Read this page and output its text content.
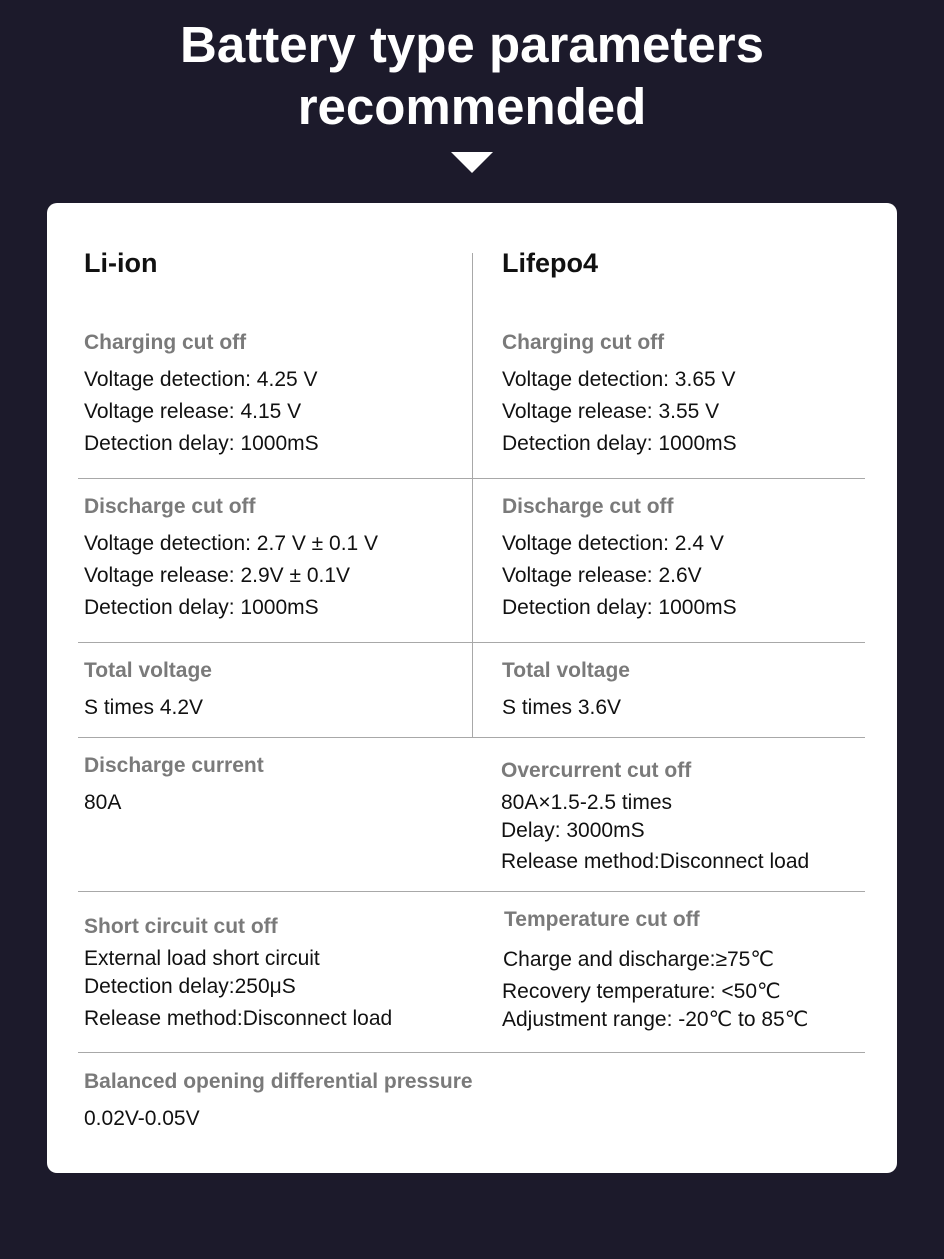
Battery type parameters
recommended
Li-ion	Lifepo4
Charging cut off
Voltage detection: 4.25 V
Voltage release: 4.15 V
Detection delay: 1000mS
Charging cut off
Voltage detection: 3.65 V
Voltage release: 3.55 V
Detection delay: 1000mS
Discharge cut off
Voltage detection: 2.7 V ± 0.1 V
Voltage release: 2.9V ± 0.1V
Detection delay: 1000mS
Discharge cut off
Voltage detection: 2.4 V
Voltage release: 2.6V
Detection delay: 1000mS
Total voltage
S times 4.2V
Total voltage
S times 3.6V
Discharge current
80A
Overcurrent cut off
80A×1.5-2.5 times
Delay: 3000mS
Release method:Disconnect load
Short circuit cut off
External load short circuit
Detection delay:250μS
Release method:Disconnect load
Temperature cut off
Charge and discharge:≥75℃
Recovery temperature: <50℃
Adjustment range: -20℃ to 85℃
Balanced opening differential pressure
0.02V-0.05V
